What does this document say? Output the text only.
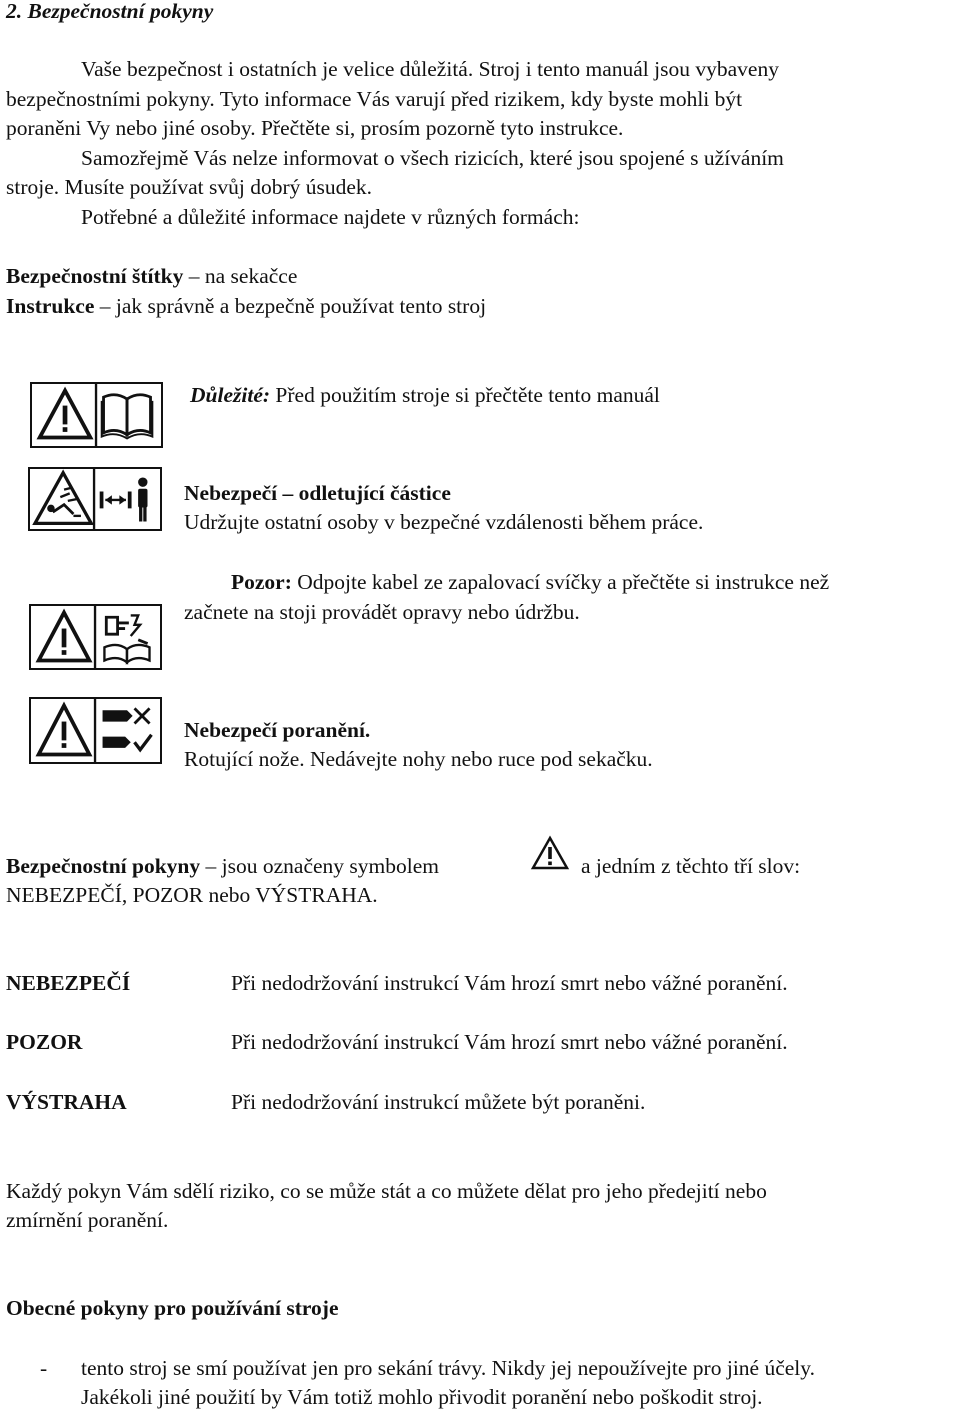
2. Bezpečnostní pokyny
Vaše bezpečnost i ostatních je velice důležitá. Stroj i tento manuál jsou vybaveny
bezpečnostními pokyny. Tyto informace Vás varují před rizikem, kdy byste mohli být
poraněni Vy nebo jiné osoby. Přečtěte si, prosím pozorně tyto instrukce.
Samozřejmě Vás nelze informovat o všech rizicích, které jsou spojené s užíváním
stroje. Musíte používat svůj dobrý úsudek.
Potřebné a důležité informace najdete v různých formách:
Bezpečnostní štítky – na sekačce
Instrukce – jak správně a bezpečně používat tento stroj
Důležité: Před použitím stroje si přečtěte tento manuál
Nebezpečí – odletující částice
Udržujte ostatní osoby v bezpečné vzdálenosti během práce.
Pozor: Odpojte kabel ze zapalovací svíčky a přečtěte si instrukce než
začnete na stoji provádět opravy nebo údržbu.
Nebezpečí poranění.
Rotující nože. Nedávejte nohy nebo ruce pod sekačku.
Bezpečnostní pokyny – jsou označeny symbolem	a jedním z těchto tří slov:
NEBEZPEČÍ, POZOR nebo VÝSTRAHA.
NEBEZPEČÍ	Při nedodržování instrukcí Vám hrozí smrt nebo vážné poranění.
POZOR	Při nedodržování instrukcí Vám hrozí smrt nebo vážné poranění.
VÝSTRAHA	Při nedodržování instrukcí můžete být poraněni.
Každý pokyn Vám sdělí riziko, co se může stát a co můžete dělat pro jeho předejití nebo
zmírnění poranění.
Obecné pokyny pro používání stroje
- tento stroj se smí používat jen pro sekání trávy. Nikdy jej nepoužívejte pro jiné účely.
Jakékoli jiné použití by Vám totiž mohlo přivodit poranění nebo poškodit stroj.
